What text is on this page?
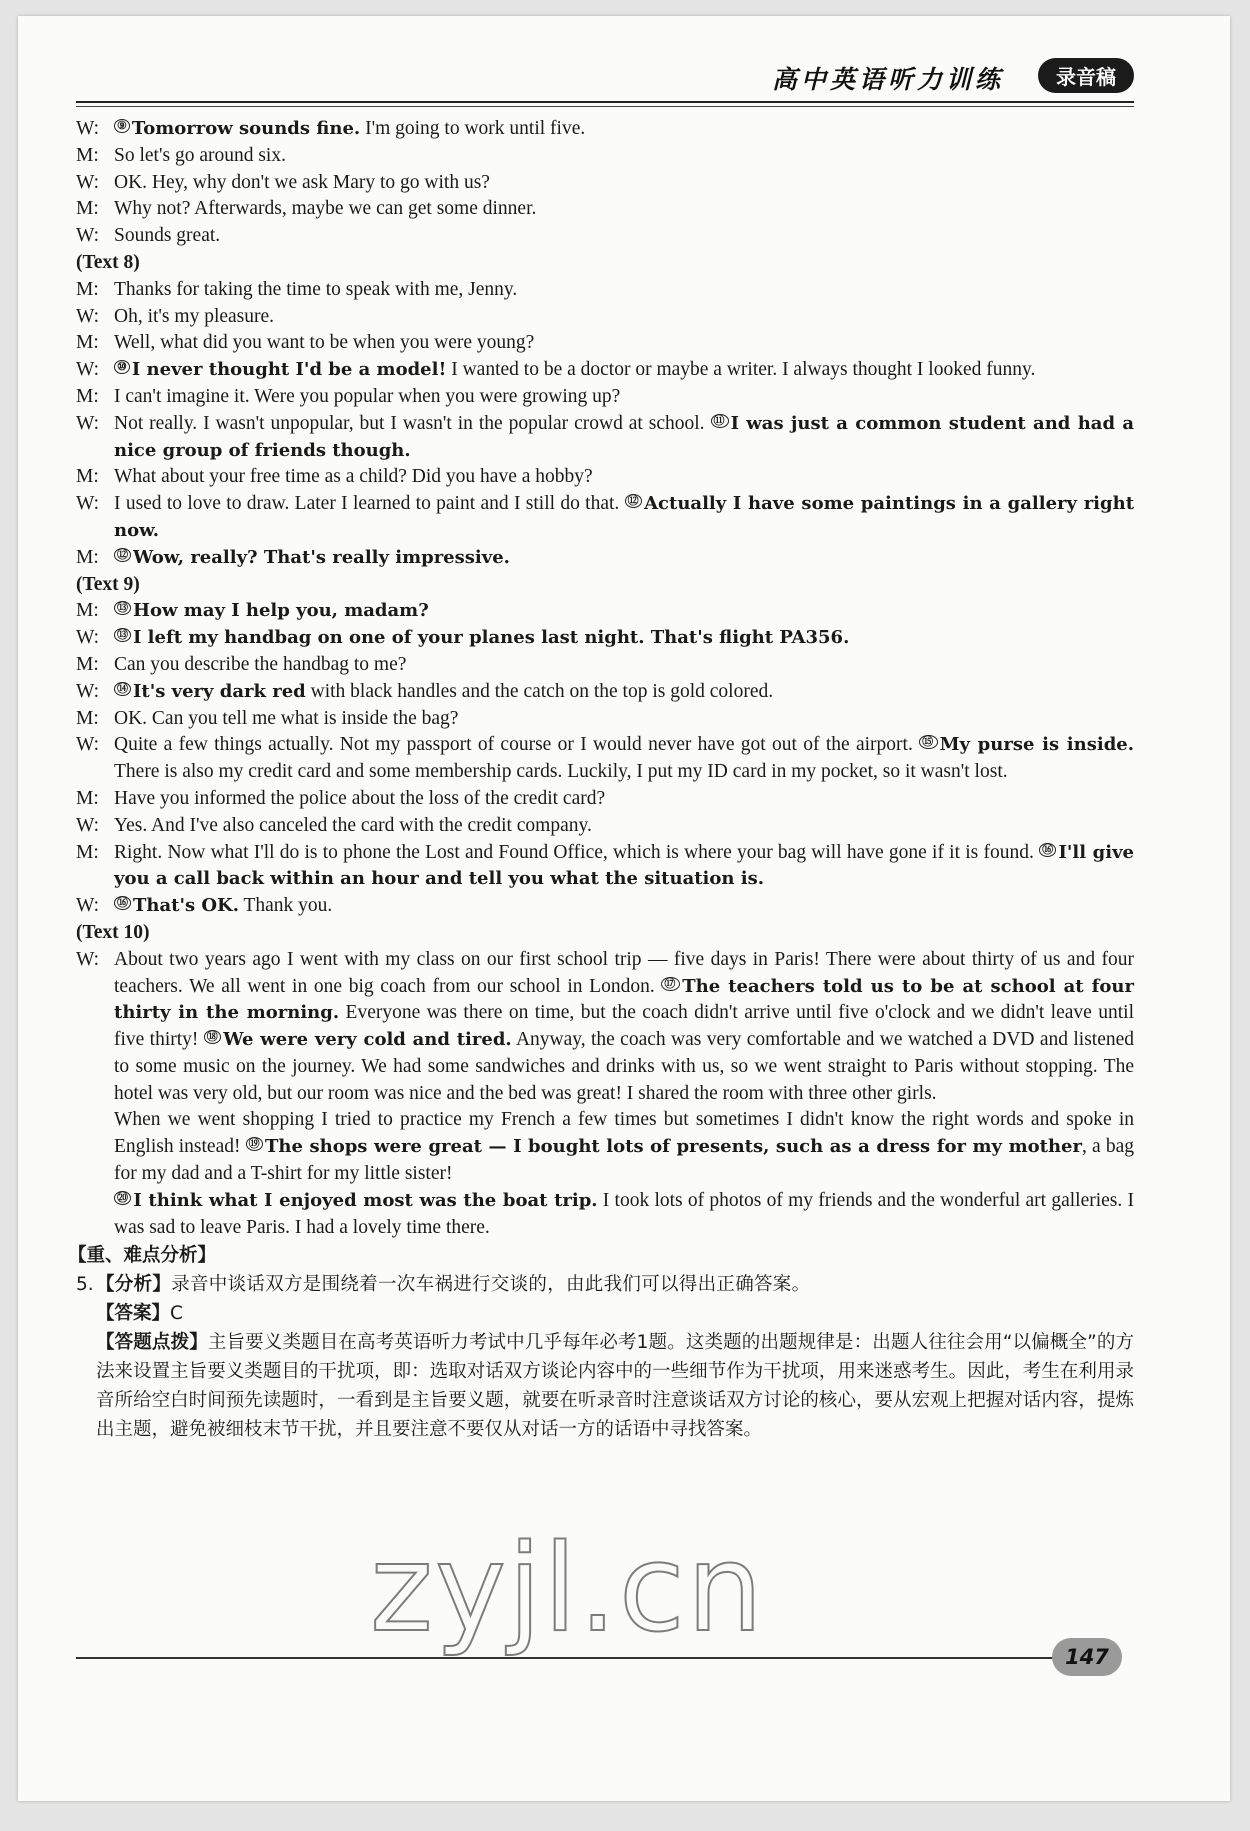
高中英语听力训练	录音稿
W:	⑨ Tomorrow sounds fine. I'm going to work until five.
M: So let's go around six.
W: OK. Hey, why don't we ask Mary to go with us?
M: Why not? Afterwards, maybe we can get some dinner.
W: Sounds great.
(Text 8)
M: Thanks for taking the time to speak with me, Jenny.
W: Oh, it's my pleasure.
M: Well, what did you want to be when you were young?
W:	⑩ I never thought I'd be a model! I wanted to be a doctor or maybe a writer. I always thought I looked funny.
M: I can't imagine it. Were you popular when you were growing up?
W: Not really. I wasn't unpopular, but I wasn't in the popular crowd at school. ⑪ I was just a common student and had a nice group of friends though.
M: What about your free time as a child? Did you have a hobby?
W: I used to love to draw. Later I learned to paint and I still do that. ⑫ Actually I have some paintings in a gallery right now.
M:	⑫ Wow, really? That's really impressive.
(Text 9)
M:	⑬ How may I help you, madam?
W:	⑬ I left my handbag on one of your planes last night. That's flight PA356.
M: Can you describe the handbag to me?
W:	⑭ It's very dark red with black handles and the catch on the top is gold colored.
M: OK. Can you tell me what is inside the bag?
W: Quite a few things actually. Not my passport of course or I would never have got out of the airport. ⑮ My purse is inside. There is also my credit card and some membership cards. Luckily, I put my ID card in my pocket, so it wasn't lost.
M: Have you informed the police about the loss of the credit card?
W: Yes. And I've also canceled the card with the credit company.
M: Right. Now what I'll do is to phone the Lost and Found Office, which is where your bag will have gone if it is found. ⑯ I'll give you a call back within an hour and tell you what the situation is.
W:	⑯ That's OK. Thank you.
(Text 10)
W: About two years ago I went with my class on our first school trip — five days in Paris! There were about thirty of us and four teachers. We all went in one big coach from our school in London. ⑰ The teachers told us to be at school at four thirty in the morning. Everyone was there on time, but the coach didn't arrive until five o'clock and we didn't leave until five thirty! ⑱ We were very cold and tired. Anyway, the coach was very comfortable and we watched a DVD and listened to some music on the journey. We had some sandwiches and drinks with us, so we went straight to Paris without stopping. The hotel was very old, but our room was nice and the bed was great! I shared the room with three other girls.
When we went shopping I tried to practice my French a few times but sometimes I didn't know the right words and spoke in English instead! ⑲ The shops were great — I bought lots of presents, such as a dress for my mother, a bag for my dad and a T-shirt for my little sister!
⑳ I think what I enjoyed most was the boat trip. I took lots of photos of my friends and the wonderful art galleries. I was sad to leave Paris. I had a lovely time there.
【重、难点分析】
5. 【分析】录音中谈话双方是围绕着一次车祸进行交谈的，由此我们可以得出正确答案。
【答案】C
【答题点拨】主旨要义类题目在高考英语听力考试中几乎每年必考1题。这类题的出题规律是：出题人往往会用“以偏概全”的方法来设置主旨要义类题目的干扰项，即：选取对话双方谈论内容中的一些细节作为干扰项，用来迷惑考生。因此，考生在利用录音所给空白时间预先读题时，一看到是主旨要义题，就要在听录音时注意谈话双方讨论的核心，要从宏观上把握对话内容，提炼出主题，避免被细枝末节干扰，并且要注意不要仅从对话一方的话语中寻找答案。
zyjl.cn	147
